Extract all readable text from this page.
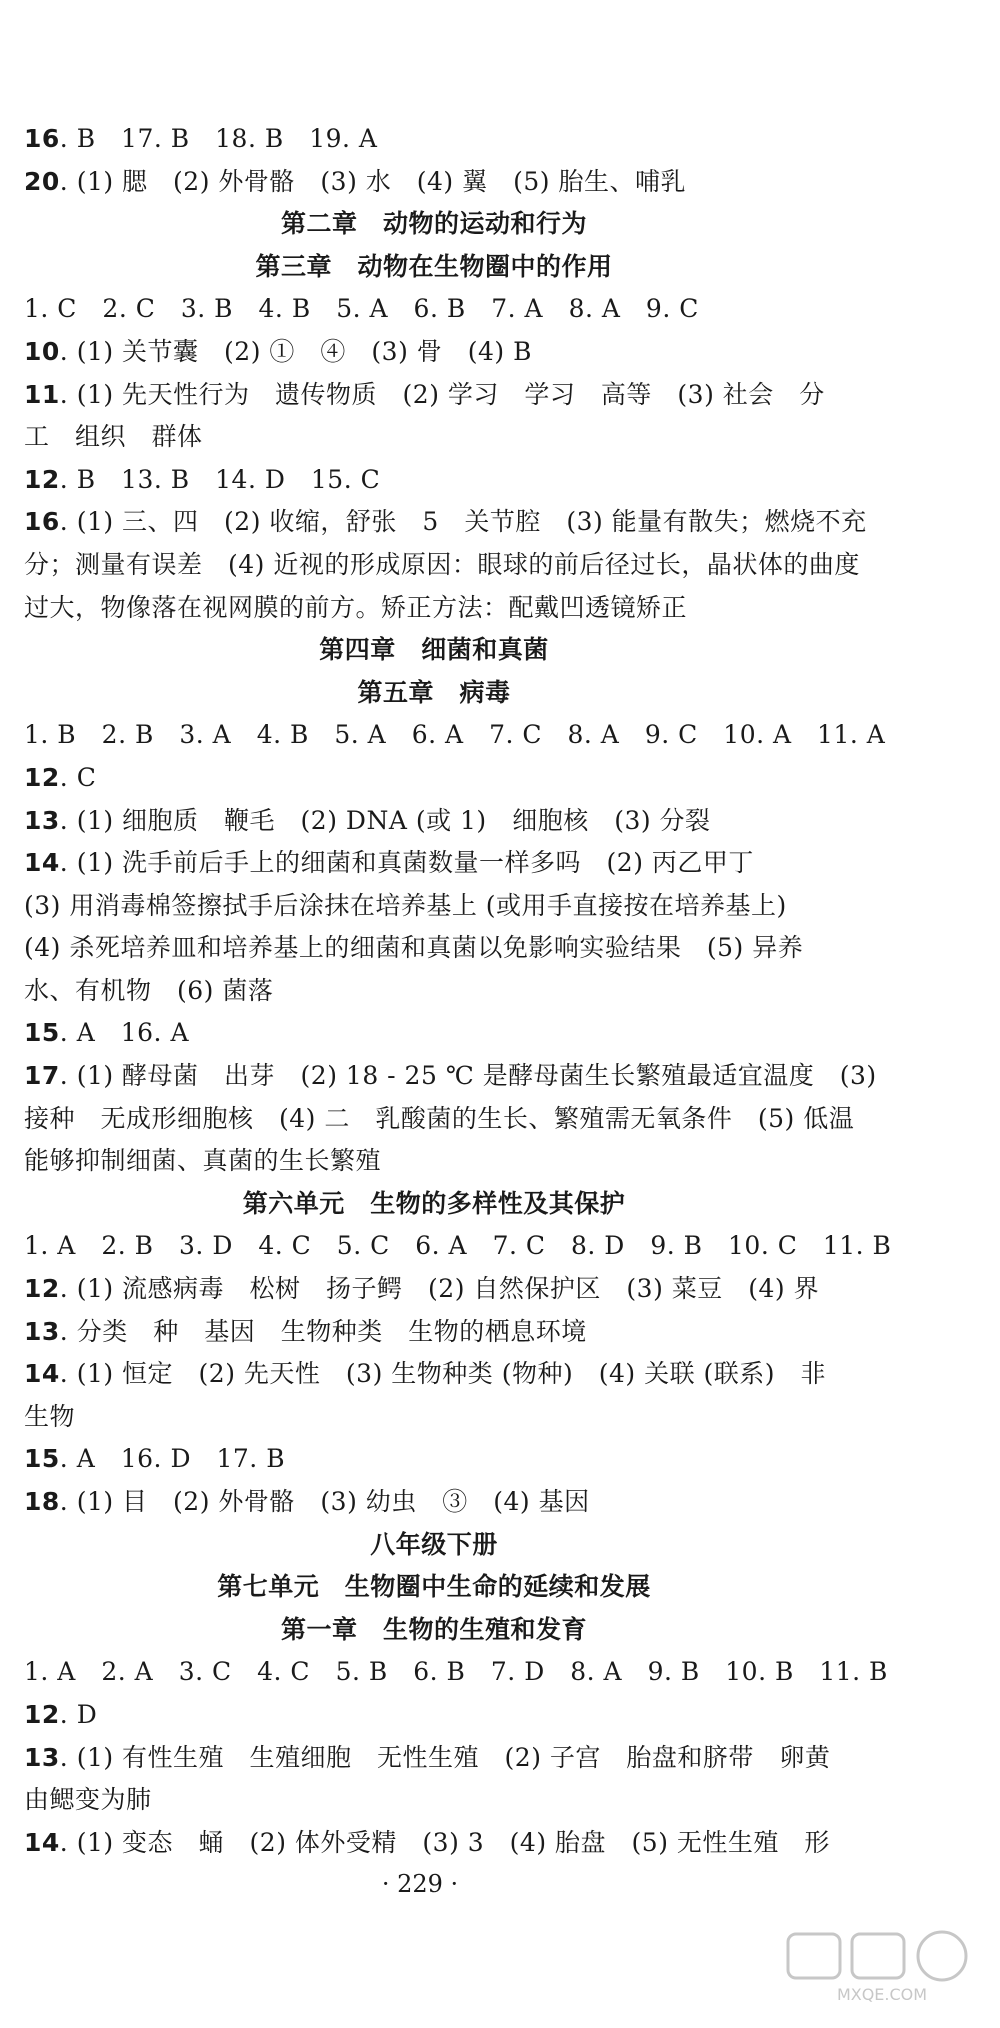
16. B　17. B　18. B　19. A
20. (1) 腮　(2) 外骨骼　(3) 水　(4) 翼　(5) 胎生、哺乳
第二章　动物的运动和行为
第三章　动物在生物圈中的作用
1. C　2. C　3. B　4. B　5. A　6. B　7. A　8. A　9. C
10. (1) 关节囊　(2) ①　④　(3) 骨　(4) B
11. (1) 先天性行为　遗传物质　(2) 学习　学习　高等　(3) 社会　分
工　组织　群体
12. B　13. B　14. D　15. C
16. (1) 三、四　(2) 收缩，舒张　5　关节腔　(3) 能量有散失；燃烧不充
分；测量有误差　(4) 近视的形成原因：眼球的前后径过长，晶状体的曲度
过大，物像落在视网膜的前方。矫正方法：配戴凹透镜矫正
第四章　细菌和真菌
第五章　病毒
1. B　2. B　3. A　4. B　5. A　6. A　7. C　8. A　9. C　10. A　11. A
12. C
13. (1) 细胞质　鞭毛　(2) DNA (或 1)　细胞核　(3) 分裂
14. (1) 洗手前后手上的细菌和真菌数量一样多吗　(2) 丙乙甲丁
(3) 用消毒棉签擦拭手后涂抹在培养基上 (或用手直接按在培养基上)
(4) 杀死培养皿和培养基上的细菌和真菌以免影响实验结果　(5) 异养
水、有机物　(6) 菌落
15. A　16. A
17. (1) 酵母菌　出芽　(2) 18 - 25 ℃ 是酵母菌生长繁殖最适宜温度　(3)
接种　无成形细胞核　(4) 二　乳酸菌的生长、繁殖需无氧条件　(5) 低温
能够抑制细菌、真菌的生长繁殖
第六单元　生物的多样性及其保护
1. A　2. B　3. D　4. C　5. C　6. A　7. C　8. D　9. B　10. C　11. B
12. (1) 流感病毒　松树　扬子鳄　(2) 自然保护区　(3) 菜豆　(4) 界
13. 分类　种　基因　生物种类　生物的栖息环境
14. (1) 恒定　(2) 先天性　(3) 生物种类 (物种)　(4) 关联 (联系)　非
生物
15. A　16. D　17. B
18. (1) 目　(2) 外骨骼　(3) 幼虫　③　(4) 基因
八年级下册
第七单元　生物圈中生命的延续和发展
第一章　生物的生殖和发育
1. A　2. A　3. C　4. C　5. B　6. B　7. D　8. A　9. B　10. B　11. B
12. D
13. (1) 有性生殖　生殖细胞　无性生殖　(2) 子宫　胎盘和脐带　卵黄
由鳃变为肺
14. (1) 变态　蛹　(2) 体外受精　(3) 3　(4) 胎盘　(5) 无性生殖　形
· 229 ·
MXQE.COM
